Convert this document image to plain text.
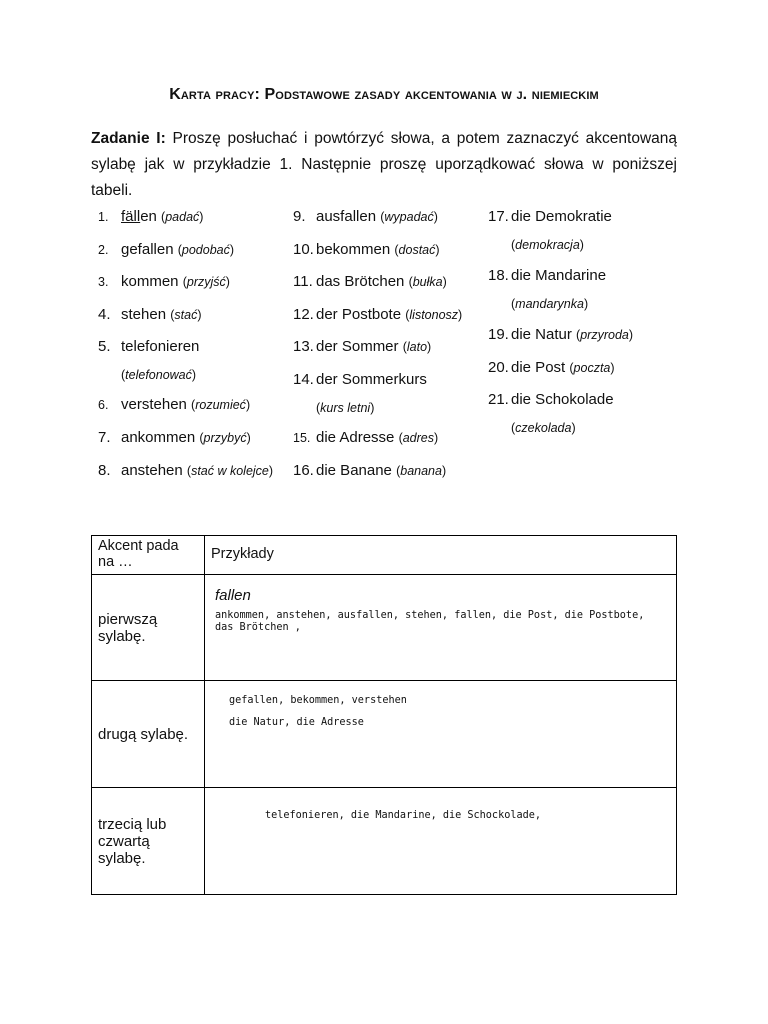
Karta pracy: Podstawowe zasady akcentowania w j. niemieckim
Zadanie I: Proszę posłuchać i powtórzyć słowa, a potem zaznaczyć akcentowaną sylabę jak w przykładzie 1. Następnie proszę uporządkować słowa w poniższej tabeli.
1. fällen (padać)
2. gefallen (podobać)
3. kommen (przyjść)
4. stehen (stać)
5. telefonieren
(telefonować)
6. verstehen (rozumieć)
7. ankommen (przybyć)
8. anstehen (stać w kolejce)
9. ausfallen (wypadać)
10. bekommen (dostać)
11. das Brötchen (bułka)
12. der Postbote (listonosz)
13. der Sommer (lato)
14. der Sommerkurs
(kurs letni)
15. die Adresse (adres)
16. die Banane (banana)
17. die Demokratie
(demokracja)
18. die Mandarine
(mandarynka)
19. die Natur (przyroda)
20. die Post (poczta)
21. die Schokolade
(czekolada)
Akcent pada na …	Przykłady
pierwszą sylabę.	fallen
ankommen, anstehen, ausfallen, stehen, fallen, die Post, die Postbote, das Brötchen ,

drugą sylabę.	gefallen, bekommen, verstehen
die Natur, die Adresse

trzecią lub czwartą sylabę.	telefonieren, die Mandarine, die Schockolade,
